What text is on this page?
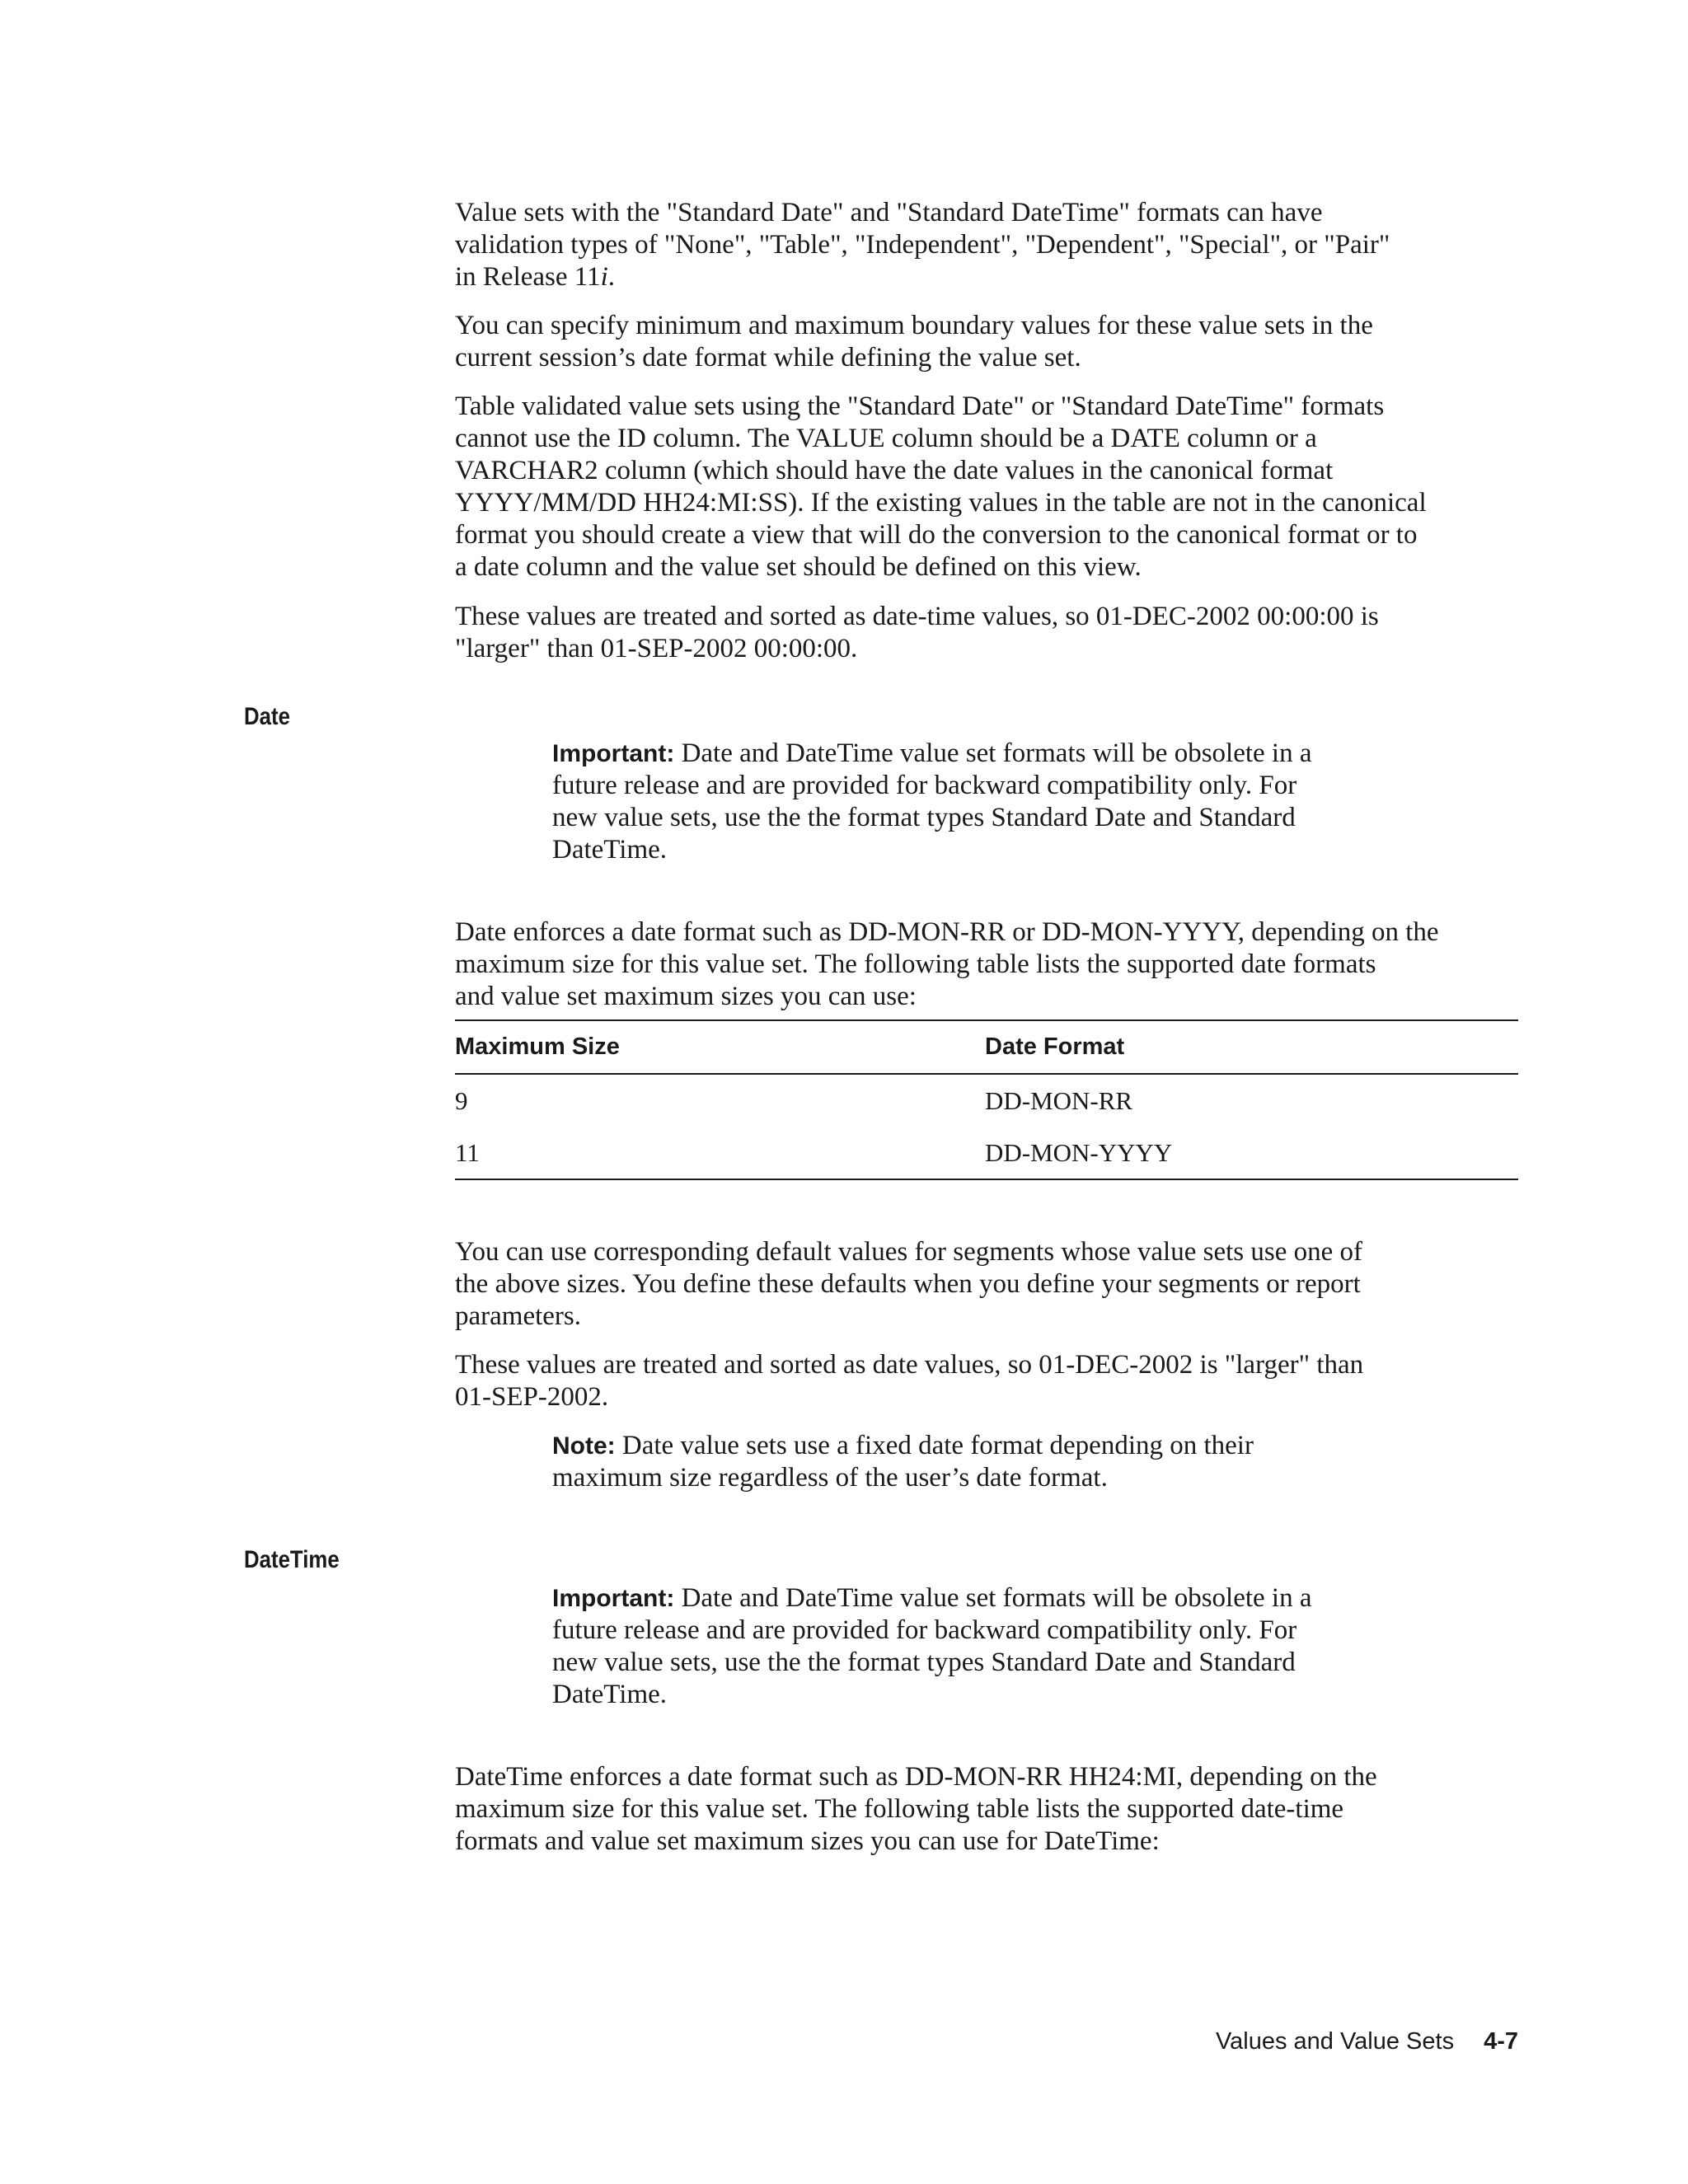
Value sets with the "Standard Date" and "Standard DateTime" formats can have
validation types of "None", "Table", "Independent", "Dependent", "Special", or "Pair"
in Release 11i.

You can specify minimum and maximum boundary values for these value sets in the
current session’s date format while defining the value set.

Table validated value sets using the "Standard Date" or "Standard DateTime" formats
cannot use the ID column. The VALUE column should be a DATE column or a
VARCHAR2 column (which should have the date values in the canonical format
YYYY/MM/DD HH24:MI:SS). If the existing values in the table are not in the canonical
format you should create a view that will do the conversion to the canonical format or to
a date column and the value set should be defined on this view.

These values are treated and sorted as date-time values, so 01-DEC-2002 00:00:00 is
"larger" than 01-SEP-2002 00:00:00.

Date

Important: Date and DateTime value set formats will be obsolete in a
future release and are provided for backward compatibility only. For
new value sets, use the the format types Standard Date and Standard
DateTime.

Date enforces a date format such as DD-MON-RR or DD-MON-YYYY, depending on the
maximum size for this value set. The following table lists the supported date formats
and value set maximum sizes you can use:

Maximum Size	Date Format
9	DD-MON-RR
11	DD-MON-YYYY

You can use corresponding default values for segments whose value sets use one of
the above sizes. You define these defaults when you define your segments or report
parameters.

These values are treated and sorted as date values, so 01-DEC-2002 is "larger" than
01-SEP-2002.

Note: Date value sets use a fixed date format depending on their
maximum size regardless of the user’s date format.

DateTime

Important: Date and DateTime value set formats will be obsolete in a
future release and are provided for backward compatibility only. For
new value sets, use the the format types Standard Date and Standard
DateTime.

DateTime enforces a date format such as DD-MON-RR HH24:MI, depending on the
maximum size for this value set. The following table lists the supported date-time
formats and value set maximum sizes you can use for DateTime:

Values and Value Sets 4-7
